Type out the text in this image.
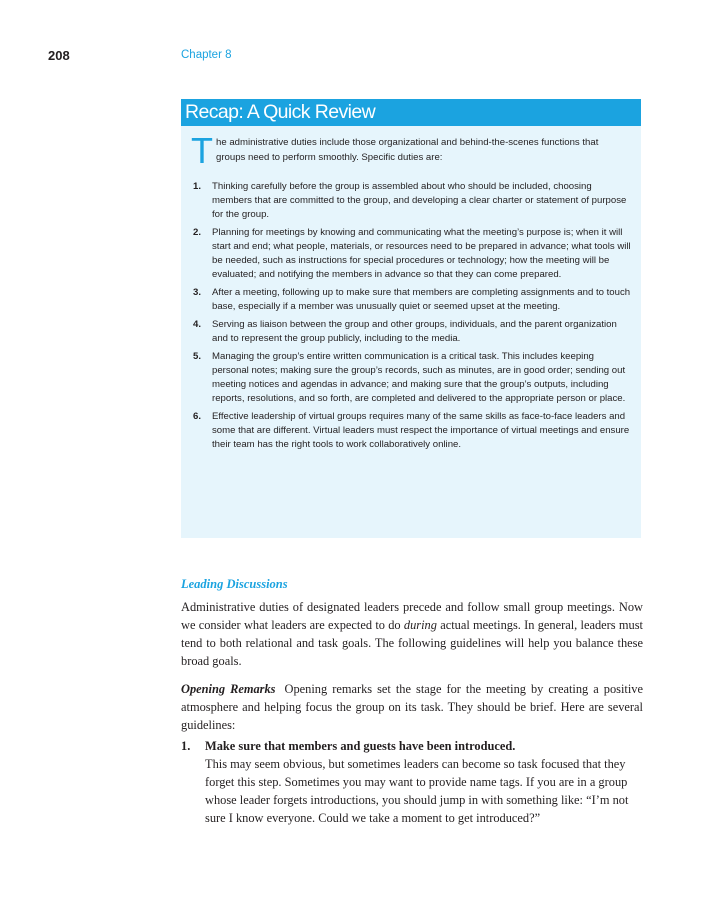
208	Chapter 8
Recap: A Quick Review
The administrative duties include those organizational and behind-the-scenes functions that groups need to perform smoothly. Specific duties are:
1.	Thinking carefully before the group is assembled about who should be included, choosing members that are committed to the group, and developing a clear charter or statement of purpose for the group.
2.	Planning for meetings by knowing and communicating what the meeting’s purpose is; when it will start and end; what people, materials, or resources need to be prepared in advance; what tools will be needed, such as instructions for special procedures or technology; how the meeting will be evaluated; and notifying the members in advance so that they can come prepared.
3.	After a meeting, following up to make sure that members are completing assignments and to touch base, especially if a member was unusually quiet or seemed upset at the meeting.
4.	Serving as liaison between the group and other groups, individuals, and the parent organization and to represent the group publicly, including to the media.
5.	Managing the group’s entire written communication is a critical task. This includes keeping personal notes; making sure the group’s records, such as minutes, are in good order; sending out meeting notices and agendas in advance; and making sure that the group’s outputs, including reports, resolutions, and so forth, are completed and delivered to the appropriate person or place.
6.	Effective leadership of virtual groups requires many of the same skills as face-to-face leaders and some that are different. Virtual leaders must respect the importance of virtual meetings and ensure their team has the right tools to work collaboratively online.
Leading Discussions
Administrative duties of designated leaders precede and follow small group meetings. Now we consider what leaders are expected to do during actual meetings. In general, leaders must tend to both relational and task goals. The following guidelines will help you balance these broad goals.
Opening Remarks Opening remarks set the stage for the meeting by creating a positive atmosphere and helping focus the group on its task. They should be brief. Here are several guidelines:
1. Make sure that members and guests have been introduced.
This may seem obvious, but sometimes leaders can become so task focused that they forget this step. Sometimes you may want to provide name tags. If you are in a group whose leader forgets introductions, you should jump in with something like: “I’m not sure I know everyone. Could we take a moment to get introduced?”
